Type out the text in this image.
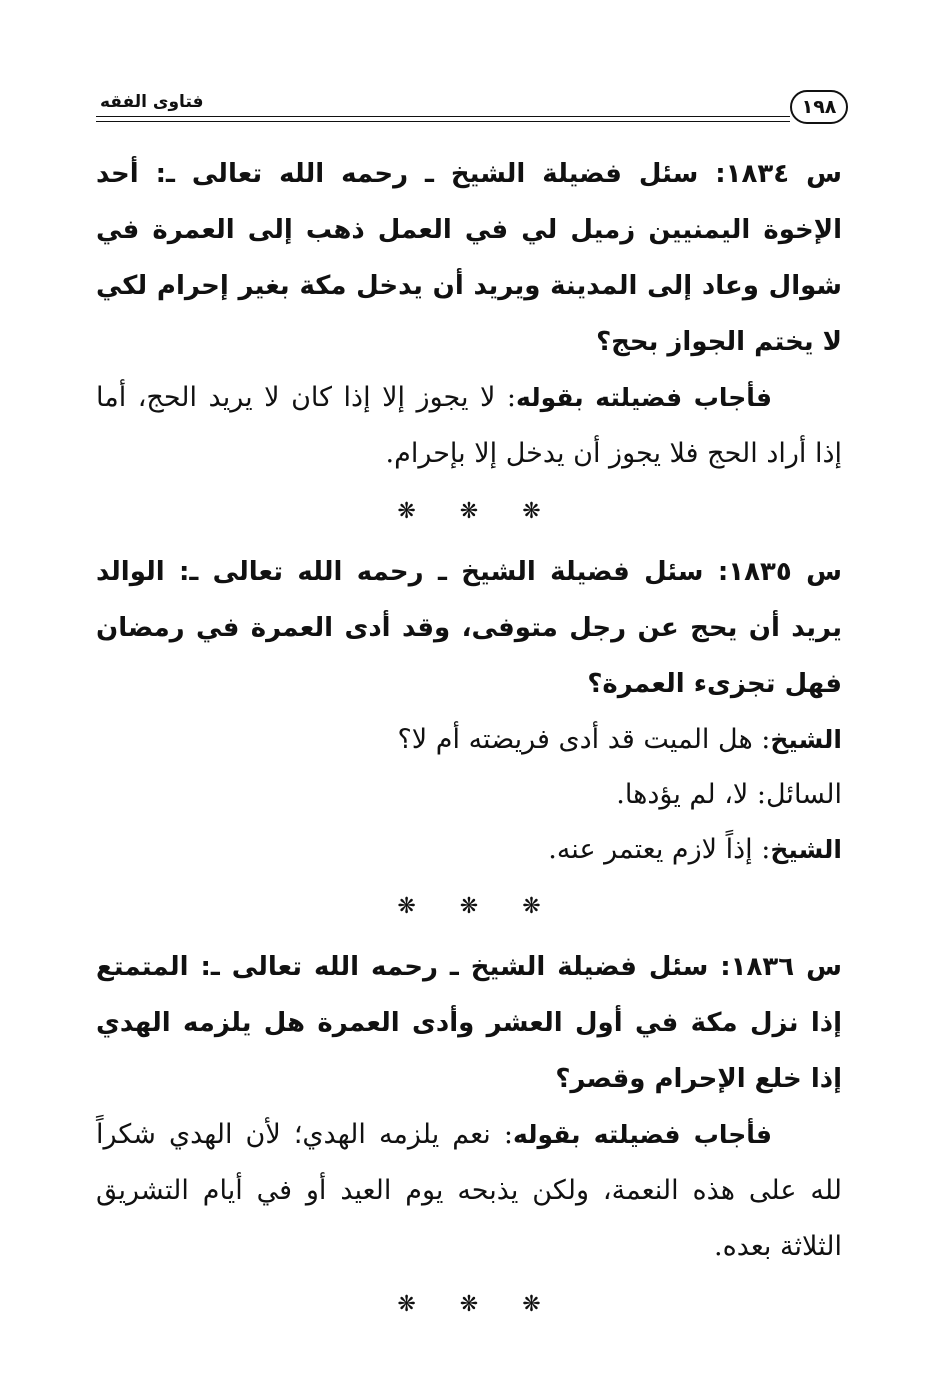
١٩٨
فتاوى الفقه

س ١٨٣٤: سئل فضيلة الشيخ ـ رحمه الله تعالى ـ: أحد الإخوة اليمنيين زميل لي في العمل ذهب إلى العمرة في شوال وعاد إلى المدينة ويريد أن يدخل مكة بغير إحرام لكي لا يختم الجواز بحج؟

فأجاب فضيلته بقوله: لا يجوز إلا إذا كان لا يريد الحج، أما إذا أراد الحج فلا يجوز أن يدخل إلا بإحرام.

❋❋❋

س ١٨٣٥: سئل فضيلة الشيخ ـ رحمه الله تعالى ـ: الوالد يريد أن يحج عن رجل متوفى، وقد أدى العمرة في رمضان فهل تجزىء العمرة؟

الشيخ: هل الميت قد أدى فريضته أم لا؟

السائل: لا، لم يؤدها.

الشيخ: إذاً لازم يعتمر عنه.

❋❋❋

س ١٨٣٦: سئل فضيلة الشيخ ـ رحمه الله تعالى ـ: المتمتع إذا نزل مكة في أول العشر وأدى العمرة هل يلزمه الهدي إذا خلع الإحرام وقصر؟

فأجاب فضيلته بقوله: نعم يلزمه الهدي؛ لأن الهدي شكراً لله على هذه النعمة، ولكن يذبحه يوم العيد أو في أيام التشريق الثلاثة بعده.

❋❋❋
